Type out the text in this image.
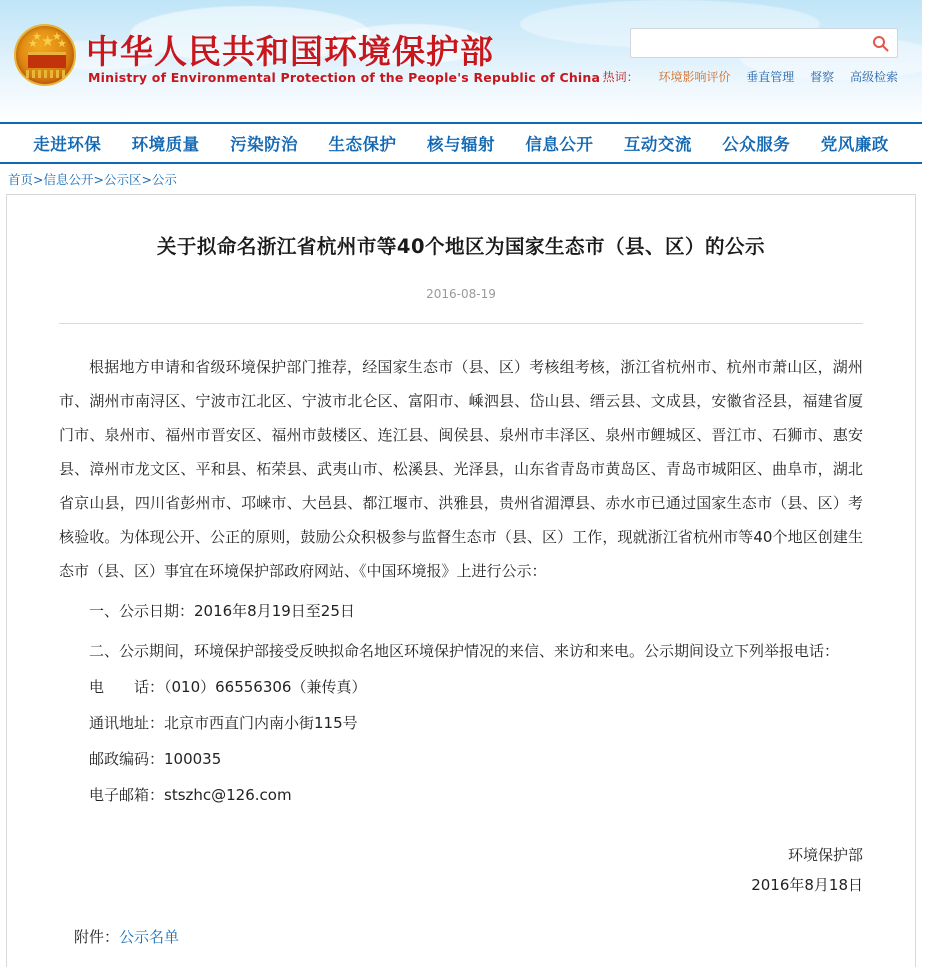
★
★
★ ★
★ 中华人民共和国环境保护部
Ministry of Environmental Protection of the People's Republic of China 热词： 环境影响评价 垂直管理 督察 高级检索
走进环保	环境质量	污染防治	生态保护	核与辐射	信息公开	互动交流	公众服务	党风廉政
首页>信息公开>公示区>公示
关于拟命名浙江省杭州市等40个地区为国家生态市（县、区）的公示
2016-08-19

根据地方申请和省级环境保护部门推荐，经国家生态市（县、区）考核组考核，浙江省杭州市、杭州市萧山区，湖州市、湖州市南浔区、宁波市江北区、宁波市北仑区、富阳市、嵊泗县、岱山县、缙云县、文成县，安徽省泾县，福建省厦门市、泉州市、福州市晋安区、福州市鼓楼区、连江县、闽侯县、泉州市丰泽区、泉州市鲤城区、晋江市、石狮市、惠安县、漳州市龙文区、平和县、柘荣县、武夷山市、松溪县、光泽县，山东省青岛市黄岛区、青岛市城阳区、曲阜市，湖北省京山县，四川省彭州市、邛崃市、大邑县、都江堰市、洪雅县，贵州省湄潭县、赤水市已通过国家生态市（县、区）考核验收。为体现公开、公正的原则，鼓励公众积极参与监督生态市（县、区）工作，现就浙江省杭州市等40个地区创建生态市（县、区）事宜在环境保护部政府网站、《中国环境报》上进行公示：

一、公示日期：2016年8月19日至25日

二、公示期间，环境保护部接受反映拟命名地区环境保护情况的来信、来访和来电。公示期间设立下列举报电话：

电　　话：（010）66556306（兼传真）

通讯地址：北京市西直门内南小街115号

邮政编码：100035

电子邮箱：stszhc@126.com

环境保护部
2016年8月18日
附件：公示名单
